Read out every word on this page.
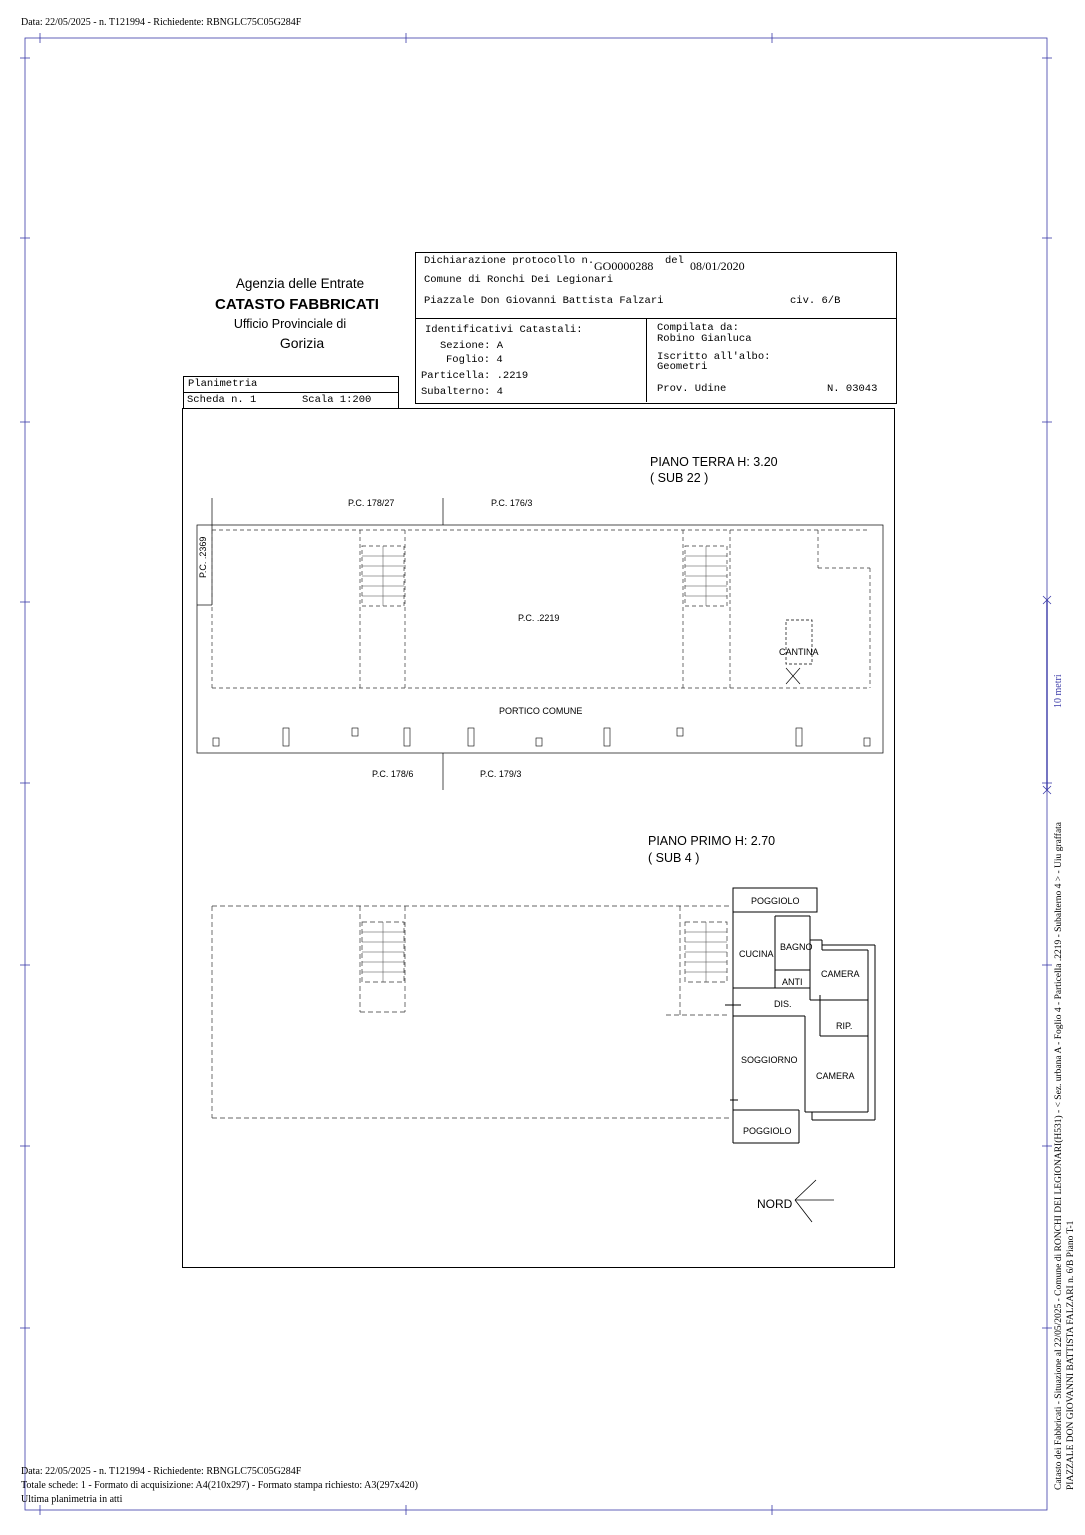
Data: 22/05/2025 - n. T121994 - Richiedente: RBNGLC75C05G284F
Agenzia delle Entrate
CATASTO FABBRICATI
Ufficio Provinciale di
Gorizia
Dichiarazione protocollo n. GO0000288 del 08/01/2020
Comune di Ronchi Dei Legionari
Piazzale Don Giovanni Battista Falzari	civ. 6/B
Identificativi Catastali:
Sezione: A
Foglio: 4
Particella: .2219
Subalterno: 4
Compilata da:
Robino Gianluca
Iscritto all'albo:
Geometri
Prov. Udine	N. 03043
Planimetria
Scheda n. 1	Scala 1:200
PIANO TERRA H: 3.20
( SUB 22 )
P.C. 178/27	P.C. 176/3
P.C. .2369
P.C. .2219
CANTINA
PORTICO COMUNE
P.C. 178/6	P.C. 179/3
PIANO PRIMO H: 2.70
( SUB 4 )
POGGIOLO
BAGNO
CUCINA
CAMERA
ANTI
DIS.
RIP.
SOGGIORNO
CAMERA
POGGIOLO
NORD
10 metri
Catasto dei Fabbricati - Situazione al 22/05/2025 - Comune di RONCHI DEI LEGIONARI(H531) - < Sez. urbana A - Foglio 4 - Particella .2219 - Subalterno 4 > - Uiu graffata PIAZZALE DON GIOVANNI BATTISTA FALZARI n. 6/B Piano T-1
Data: 22/05/2025 - n. T121994 - Richiedente: RBNGLC75C05G284F
Totale schede: 1 - Formato di acquisizione: A4(210x297) - Formato stampa richiesto: A3(297x420)
Ultima planimetria in atti
